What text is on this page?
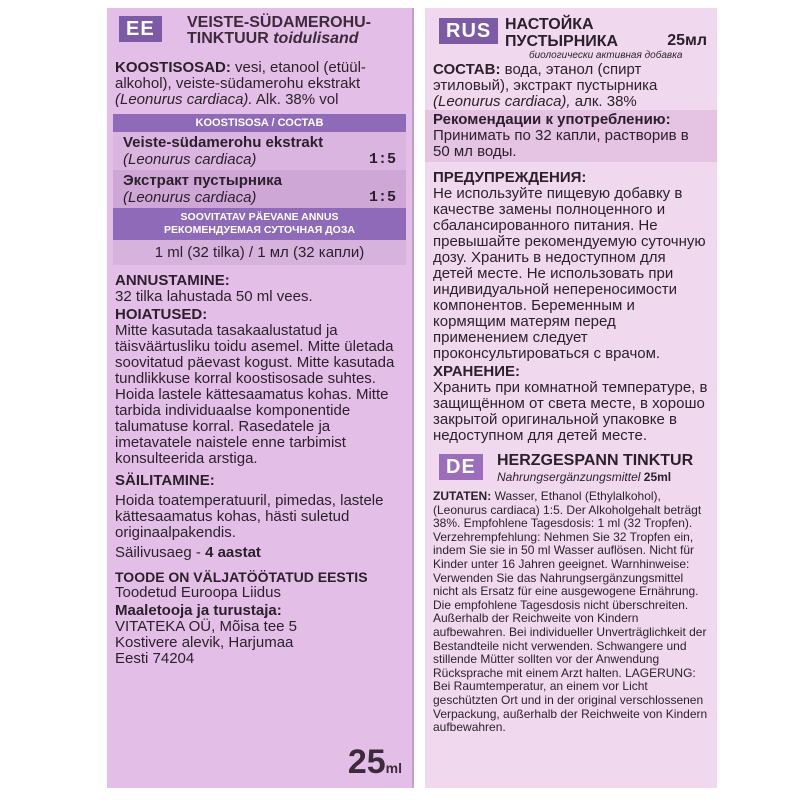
EE	VEISTE-SÜDAMEROHU-
TINKTUUR toidulisand

KOOSTISOSAD: vesi, etanool (etüül-alkohol), veiste-südamerohu ekstrakt (Leonurus cardiaca). Alk. 38% vol

KOOSTISOSA / СОСТАВ
Veiste-südamerohu ekstrakt
(Leonurus cardiaca)	1:5
Экстракт пустырника
(Leonurus cardiaca)	1:5
SOOVITATAV PÄEVANE ANNUS
РЕКОМЕНДУЕМАЯ СУТОЧНАЯ ДОЗА
1 ml (32 tilka) / 1 мл (32 капли)
ANNUSTAMINE:

32 tilka lahustada 50 ml vees.

HOIATUSED:

Mitte kasutada tasakaalustatud ja täisväärtusliku toidu asemel. Mitte ületada soovitatud päevast kogust. Mitte kasutada tundlikkuse korral koostisosade suhtes. Hoida lastele kättesaamatus kohas. Mitte tarbida individuaalse komponentide talumatuse korral. Rasedatele ja imetavatele naistele enne tarbimist konsulteerida arstiga.

SÄILITAMINE:

Hoida toatemperatuuril, pimedas, lastele kättesaamatus kohas, hästi suletud originaalpakendis.

Säilivusaeg - 4 aastat

TOODE ON VÄLJATÖÖTATUD EESTIS

Toodetud Euroopa Liidus

Maaletooja ja turustaja:

VITATEKA OÜ, Mõisa tee 5

Kostivere alevik, Harjumaa

Eesti 74204

25ml
RUS НАСТОЙКА
ПУСТЫРНИКА	25мл
биологически активная добавка

СОСТАВ: вода, этанол (спирт этиловый), экстракт пустырника (Leonurus cardiaca), алк. 38%

Рекомендации к употреблению:
Принимать по 32 капли, растворив в 50 мл воды.
ПРЕДУПРЕЖДЕНИЯ:

Не используйте пищевую добавку в качестве замены полноценного и сбалансированного питания. Не превышайте рекомендуемую суточную дозу. Хранить в недоступном для детей месте. Не использовать при индивидуальной непереносимости компонентов. Беременным и кормящим матерям перед применением следует проконсультироваться с врачом.

ХРАНЕНИЕ:

Хранить при комнатной температуре, в защищённом от света месте, в хорошо закрытой оригинальной упаковке в недоступном для детей месте.

DE	HERZGESPANN TINKTUR
Nahrungsergänzungsmittel 25ml

ZUTATEN: Wasser, Ethanol (Ethylalkohol), (Leonurus cardiaca) 1:5. Der Alkoholgehalt beträgt 38%. Empfohlene Tagesdosis: 1 ml (32 Tropfen). Verzehrempfehlung: Nehmen Sie 32 Tropfen ein, indem Sie sie in 50 ml Wasser auflösen. Nicht für Kinder unter 16 Jahren geeignet. Warnhinweise: Verwenden Sie das Nahrungsergänzungsmittel nicht als Ersatz für eine ausgewogene Ernährung. Die empfohlene Tagesdosis nicht überschreiten. Außerhalb der Reichweite von Kindern aufbewahren. Bei individueller Unverträglichkeit der Bestandteile nicht verwenden. Schwangere und stillende Mütter sollten vor der Anwendung Rücksprache mit einem Arzt halten. LAGERUNG: Bei Raumtemperatur, an einem vor Licht geschützten Ort und in der original verschlossenen Verpackung, außerhalb der Reichweite von Kindern aufbewahren.
